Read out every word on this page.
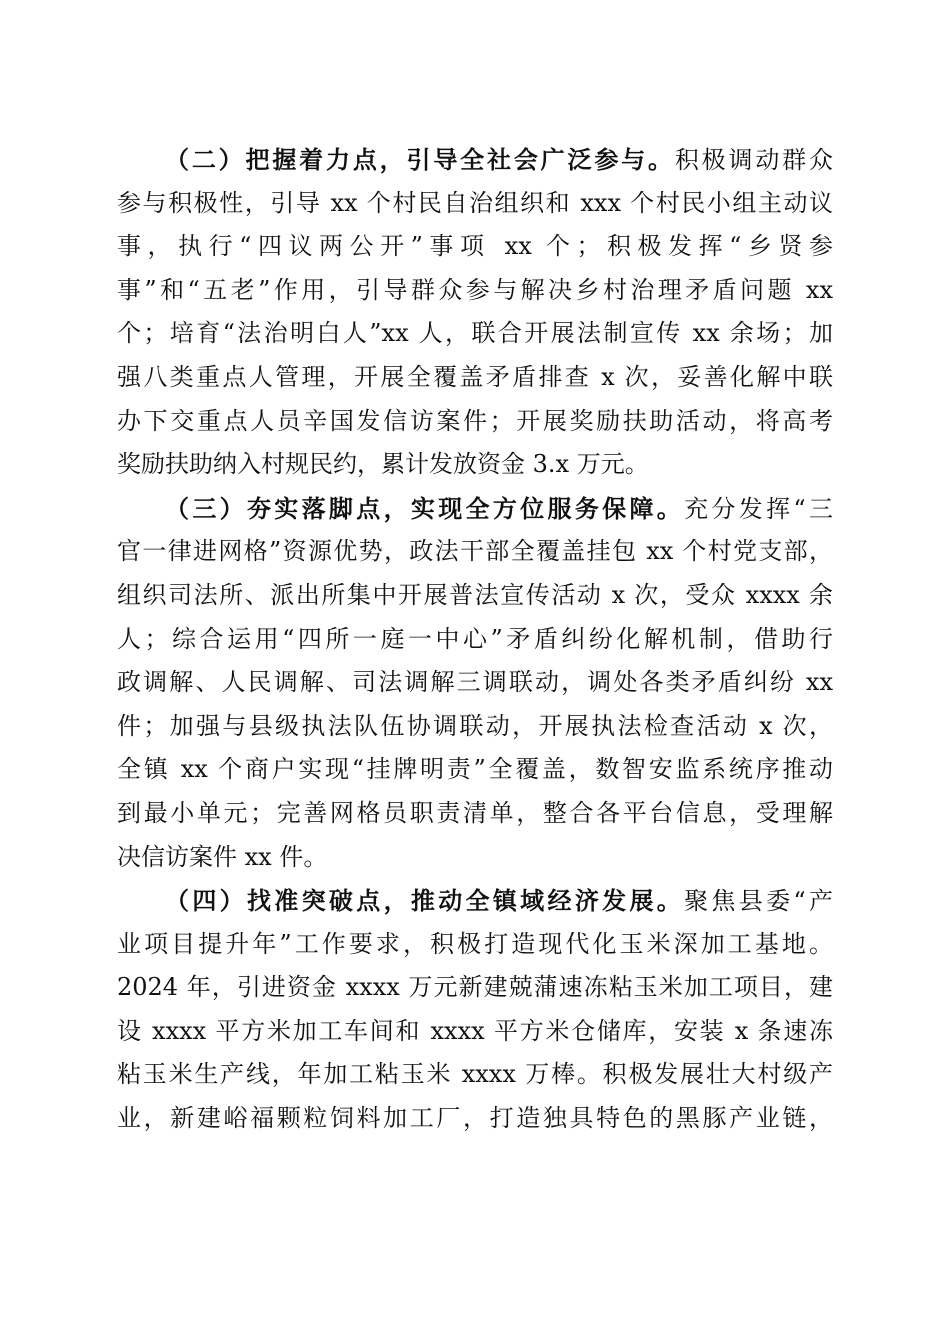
（二）把握着力点，引导全社会广泛参与。积极调动群众
参与积极性，引导 xx 个村民自治组织和 xxx 个村民小组主动议
事，执行“四议两公开”事项 xx 个；积极发挥“乡贤参
事”和“五老”作用，引导群众参与解决乡村治理矛盾问题 xx
个；培育“法治明白人”xx 人，联合开展法制宣传 xx 余场；加
强八类重点人管理，开展全覆盖矛盾排查 x 次，妥善化解中联
办下交重点人员辛国发信访案件；开展奖励扶助活动，将高考
奖励扶助纳入村规民约，累计发放资金 3.x 万元。
（三）夯实落脚点，实现全方位服务保障。充分发挥“三
官一律进网格”资源优势，政法干部全覆盖挂包 xx 个村党支部，
组织司法所、派出所集中开展普法宣传活动 x 次，受众 xxxx 余
人；综合运用“四所一庭一中心”矛盾纠纷化解机制，借助行
政调解、人民调解、司法调解三调联动，调处各类矛盾纠纷 xx
件；加强与县级执法队伍协调联动，开展执法检查活动 x 次，
全镇 xx 个商户实现“挂牌明责”全覆盖，数智安监系统序推动
到最小单元；完善网格员职责清单，整合各平台信息，受理解
决信访案件 xx 件。
（四）找准突破点，推动全镇域经济发展。聚焦县委“产
业项目提升年”工作要求，积极打造现代化玉米深加工基地。
2024 年，引进资金 xxxx 万元新建兢蒲速冻粘玉米加工项目，建
设 xxxx 平方米加工车间和 xxxx 平方米仓储库，安装 x 条速冻
粘玉米生产线，年加工粘玉米 xxxx 万棒。积极发展壮大村级产
业，新建峪福颗粒饲料加工厂，打造独具特色的黑豚产业链，
